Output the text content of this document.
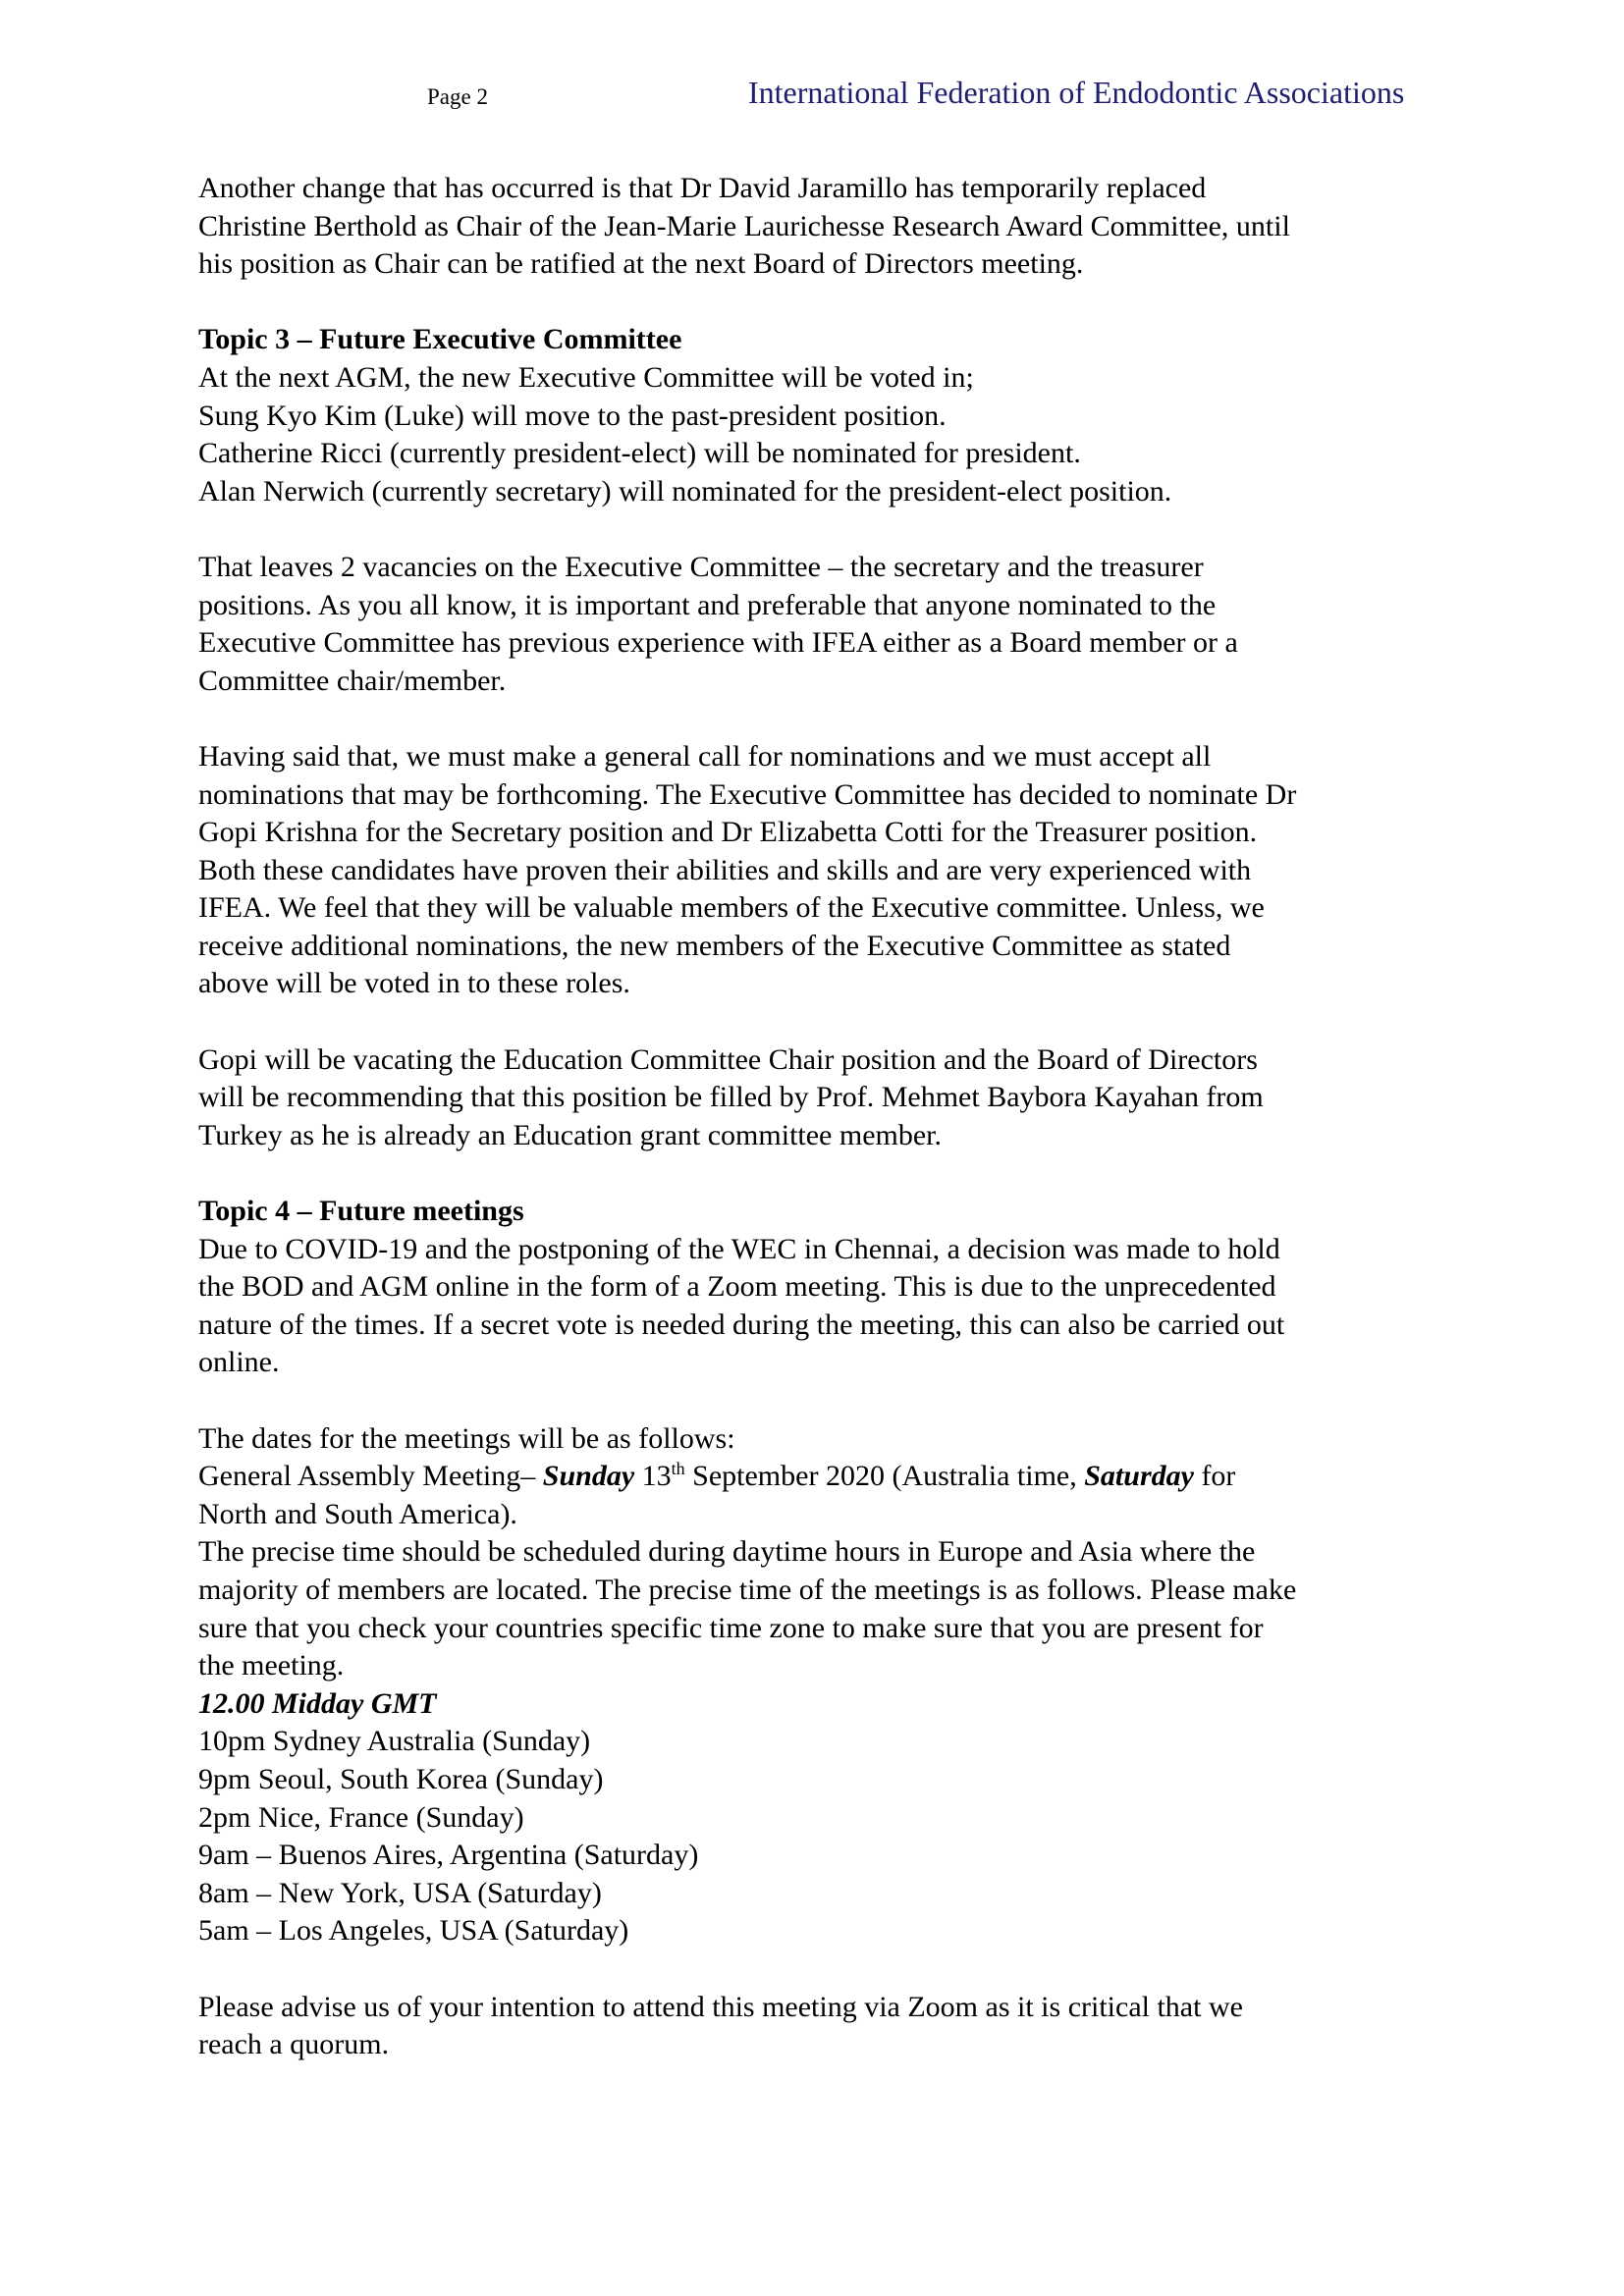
Page 2	International Federation of Endodontic Associations

Another change that has occurred is that Dr David Jaramillo has temporarily replaced
Christine Berthold as Chair of the Jean-Marie Laurichesse Research Award Committee, until
his position as Chair can be ratified at the next Board of Directors meeting.

Topic 3 – Future Executive Committee
At the next AGM, the new Executive Committee will be voted in;
Sung Kyo Kim (Luke) will move to the past-president position.
Catherine Ricci (currently president-elect) will be nominated for president.
Alan Nerwich (currently secretary) will nominated for the president-elect position.

That leaves 2 vacancies on the Executive Committee – the secretary and the treasurer
positions. As you all know, it is important and preferable that anyone nominated to the
Executive Committee has previous experience with IFEA either as a Board member or a
Committee chair/member.

Having said that, we must make a general call for nominations and we must accept all
nominations that may be forthcoming. The Executive Committee has decided to nominate Dr
Gopi Krishna for the Secretary position and Dr Elizabetta Cotti for the Treasurer position.
Both these candidates have proven their abilities and skills and are very experienced with
IFEA. We feel that they will be valuable members of the Executive committee. Unless, we
receive additional nominations, the new members of the Executive Committee as stated
above will be voted in to these roles.

Gopi will be vacating the Education Committee Chair position and the Board of Directors
will be recommending that this position be filled by Prof. Mehmet Baybora Kayahan from
Turkey as he is already an Education grant committee member.

Topic 4 – Future meetings
Due to COVID-19 and the postponing of the WEC in Chennai, a decision was made to hold
the BOD and AGM online in the form of a Zoom meeting. This is due to the unprecedented
nature of the times. If a secret vote is needed during the meeting, this can also be carried out
online.

The dates for the meetings will be as follows:
General Assembly Meeting– Sunday 13th September 2020 (Australia time, Saturday for
North and South America).
The precise time should be scheduled during daytime hours in Europe and Asia where the
majority of members are located. The precise time of the meetings is as follows. Please make
sure that you check your countries specific time zone to make sure that you are present for
the meeting.
12.00 Midday GMT
10pm Sydney Australia (Sunday)
9pm Seoul, South Korea (Sunday)
2pm Nice, France (Sunday)
9am – Buenos Aires, Argentina (Saturday)
8am – New York, USA (Saturday)
5am – Los Angeles, USA (Saturday)

Please advise us of your intention to attend this meeting via Zoom as it is critical that we
reach a quorum.
